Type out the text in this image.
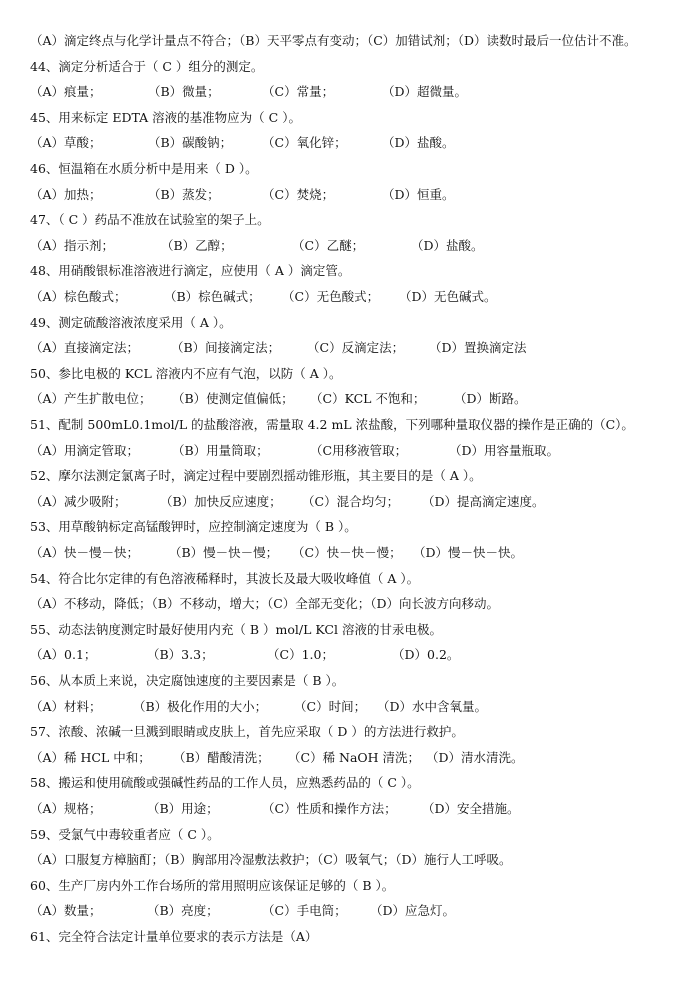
（A）滴定终点与化学计量点不符合；（B）天平零点有变动；（C）加错试剂；（D）读数时最后一位估计不准。
44、滴定分析适合于（ C ）组分的测定。
（A）痕量；	（B）微量；	（C）常量；	（D）超微量。
45、用来标定 EDTA 溶液的基准物应为（ C ）。
（A）草酸；	（B）碳酸钠； （C）氧化锌；	（D）盐酸。
46、恒温箱在水质分析中是用来（ D ）。
（A）加热；	（B）蒸发；	（C）焚烧；	（D）恒重。
47、（ C ）药品不准放在试验室的架子上。
（A）指示剂；	（B）乙醇；	（C）乙醚；	（D）盐酸。
48、用硝酸银标准溶液进行滴定，应使用（ A ）滴定管。
（A）棕色酸式；	（B）棕色碱式； （C）无色酸式； （D）无色碱式。
49、测定硫酸溶液浓度采用（ A ）。
（A）直接滴定法；	（B）间接滴定法； （C）反滴定法； （D）置换滴定法
50、参比电极的 KCL 溶液内不应有气泡，以防（ A ）。
（A）产生扩散电位； （B）使测定值偏低； （C）KCL 不饱和； （D）断路。
51、配制 500mL0.1mol/L 的盐酸溶液，需量取 4.2 mL 浓盐酸，下列哪种量取仪器的操作是正确的（C）。
（A）用滴定管取；	（B）用量筒取；	（C用移液管取；	（D）用容量瓶取。
52、摩尔法测定氯离子时，滴定过程中要剧烈摇动锥形瓶，其主要目的是（ A ）。
（A）减少吸附；	（B）加快反应速度； （C）混合均匀； （D）提高滴定速度。
53、用草酸钠标定高锰酸钾时，应控制滴定速度为（ B ）。
（A）快－慢－快； （B）慢－快－慢； （C）快－快－慢； （D）慢－快－快。
54、符合比尔定律的有色溶液稀释时，其波长及最大吸收峰值（ A ）。
（A）不移动，降低；（B）不移动，增大；（C）全部无变化；（D）向长波方向移动。
55、动态法钠度测定时最好使用内充（ B ）mol/L KCl 溶液的甘汞电极。
（A）0.1；	（B）3.3；	（C）1.0；	（D）0.2。
56、从本质上来说，决定腐蚀速度的主要因素是（ B ）。
（A）材料；	（B）极化作用的大小； （C）时间； （D）水中含氧量。
57、浓酸、浓碱一旦溅到眼睛或皮肤上，首先应采取（ D ）的方法进行救护。
（A）稀 HCL 中和； （B）醋酸清洗； （C）稀 NaOH 清洗； （D）清水清洗。
58、搬运和使用硫酸或强碱性药品的工作人员，应熟悉药品的（ C ）。
（A）规格；	（B）用途；	（C）性质和操作方法； （D）安全措施。
59、受氯气中毒较重者应（ C ）。
（A）口服复方樟脑酊；（B）胸部用冷湿敷法救护；（C）吸氧气；（D）施行人工呼吸。
60、生产厂房内外工作台场所的常用照明应该保证足够的（ B ）。
（A）数量；	（B）亮度；	（C）手电筒； （D）应急灯。
61、完全符合法定计量单位要求的表示方法是（A）
